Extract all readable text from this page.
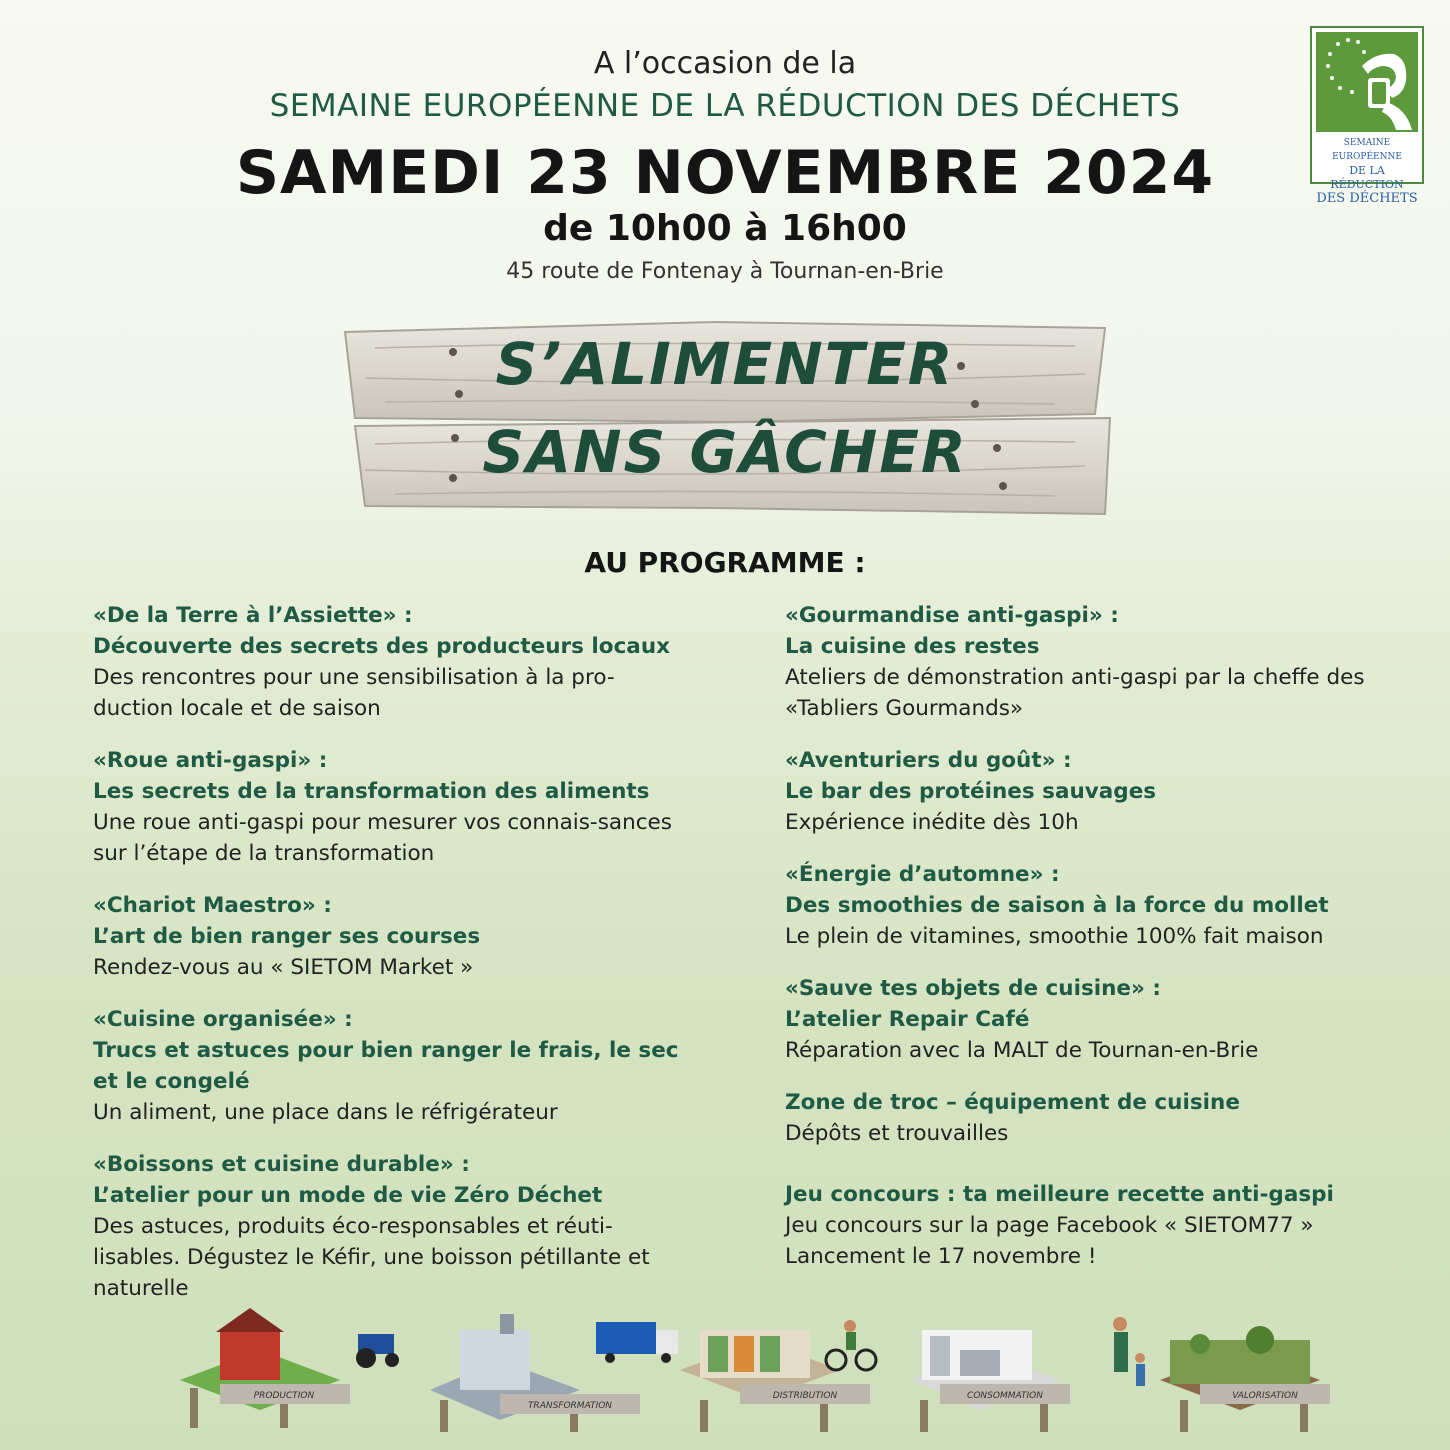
A l’occasion de la
SEMAINE EUROPÉENNE DE LA RÉDUCTION DES DÉCHETS
SAMEDI 23 NOVEMBRE 2024
de 10h00 à 16h00
45 route de Fontenay à Tournan-en-Brie
SEMAINE EUROPÉENNE
DE LA RÉDUCTION
DES DÉCHETS
S’ALIMENTER
SANS GÂCHER
AU PROGRAMME :
«De la Terre à l’Assiette» :
Découverte des secrets des producteurs locaux
Des rencontres pour une sensibilisation à la pro-duction locale et de saison
«Roue anti-gaspi» :
Les secrets de la transformation des aliments
Une roue anti-gaspi pour mesurer vos connais-sances sur l’étape de la transformation
«Chariot Maestro» :
L’art de bien ranger ses courses
Rendez-vous au « SIETOM Market »
«Cuisine organisée» :
Trucs et astuces pour bien ranger le frais, le sec et le congelé
Un aliment, une place dans le réfrigérateur
«Boissons et cuisine durable» :
L’atelier pour un mode de vie Zéro Déchet
Des astuces, produits éco-responsables et réuti-lisables. Dégustez le Kéfir, une boisson pétillante et naturelle
«Gourmandise anti-gaspi» :
La cuisine des restes
Ateliers de démonstration anti-gaspi par la cheffe des «Tabliers Gourmands»
«Aventuriers du goût» :
Le bar des protéines sauvages
Expérience inédite dès 10h
«Énergie d’automne» :
Des smoothies de saison à la force du mollet
Le plein de vitamines, smoothie 100% fait maison
«Sauve tes objets de cuisine» :
L’atelier Repair Café
Réparation avec la MALT de Tournan-en-Brie
Zone de troc – équipement de cuisine
Dépôts et trouvailles
Jeu concours : ta meilleure recette anti-gaspi
Jeu concours sur la page Facebook « SIETOM77 » Lancement le 17 novembre !
PRODUCTION
TRANSFORMATION
DISTRIBUTION	CONSOMMATION	VALORISATION
